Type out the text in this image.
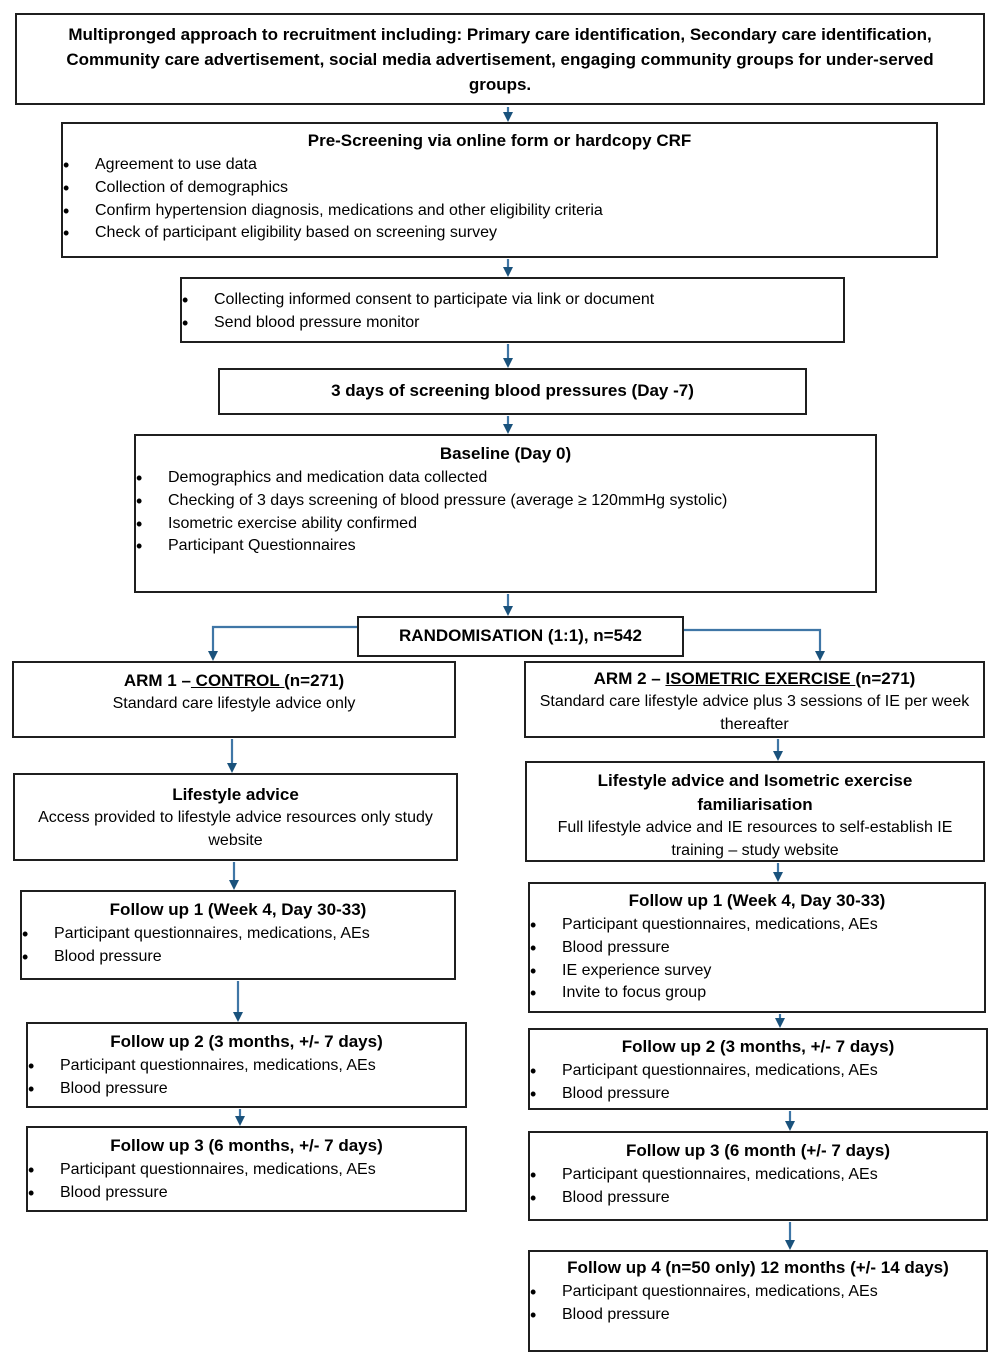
Multipronged approach to recruitment including: Primary care identification, Secondary care identification, Community care advertisement, social media advertisement, engaging community groups for under-served groups.
Pre-Screening via online form or hardcopy CRF
• Agreement to use data
• Collection of demographics
• Confirm hypertension diagnosis, medications and other eligibility criteria
• Check of participant eligibility based on screening survey
• Collecting informed consent to participate via link or document
• Send blood pressure monitor
3 days of screening blood pressures (Day -7)
Baseline (Day 0)
• Demographics and medication data collected
• Checking of 3 days screening of blood pressure (average ≥ 120mmHg systolic)
• Isometric exercise ability confirmed
• Participant Questionnaires
RANDOMISATION (1:1), n=542
ARM 1 – CONTROL (n=271)
Standard care lifestyle advice only
ARM 2 – ISOMETRIC EXERCISE (n=271)
Standard care lifestyle advice plus 3 sessions of IE per week thereafter
Lifestyle advice
Access provided to lifestyle advice resources only study website
Lifestyle advice and Isometric exercise familiarisation
Full lifestyle advice and IE resources to self-establish IE training – study website
Follow up 1 (Week 4, Day 30-33)
• Participant questionnaires, medications, AEs
• Blood pressure
Follow up 1 (Week 4, Day 30-33)
• Participant questionnaires, medications, AEs
• Blood pressure
• IE experience survey
• Invite to focus group
Follow up 2 (3 months, +/- 7 days)
• Participant questionnaires, medications, AEs
• Blood pressure
Follow up 2 (3 months, +/- 7 days)
• Participant questionnaires, medications, AEs
• Blood pressure
Follow up 3 (6 months, +/- 7 days)
• Participant questionnaires, medications, AEs
• Blood pressure
Follow up 3 (6 month (+/- 7 days)
• Participant questionnaires, medications, AEs
• Blood pressure
Follow up 4 (n=50 only) 12 months (+/- 14 days)
• Participant questionnaires, medications, AEs
• Blood pressure
